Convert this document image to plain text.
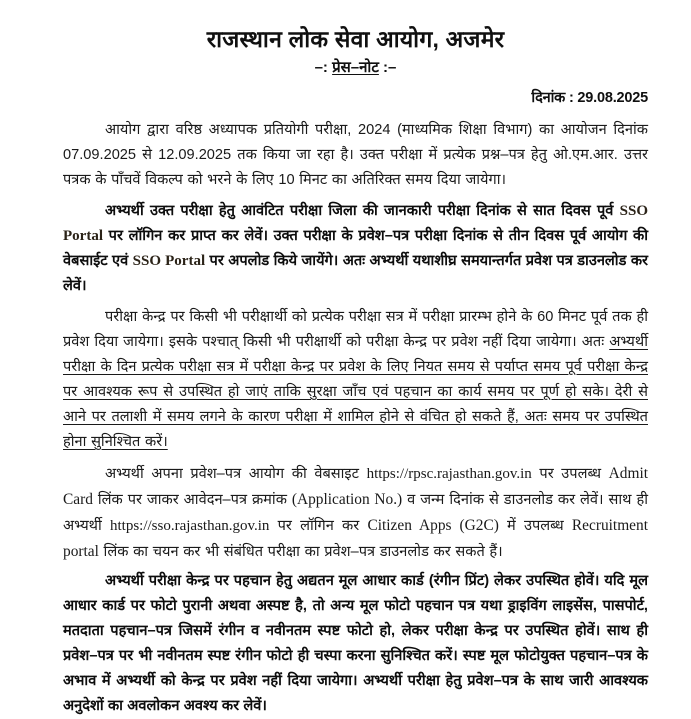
राजस्थान लोक सेवा आयोग, अजमेर
–: प्रेस–नोट :–
दिनांक : 29.08.2025

आयोग द्वारा वरिष्ठ अध्यापक प्रतियोगी परीक्षा, 2024 (माध्यमिक शिक्षा विभाग) का आयोजन दिनांक 07.09.2025 से 12.09.2025 तक किया जा रहा है। उक्त परीक्षा में प्रत्येक प्रश्न–पत्र हेतु ओ.एम.आर. उत्तर पत्रक के पाँचवें विकल्प को भरने के लिए 10 मिनट का अतिरिक्त समय दिया जायेगा।

अभ्यर्थी उक्त परीक्षा हेतु आवंटित परीक्षा जिला की जानकारी परीक्षा दिनांक से सात दिवस पूर्व SSO Portal पर लॉगिन कर प्राप्त कर लेवें। उक्त परीक्षा के प्रवेश–पत्र परीक्षा दिनांक से तीन दिवस पूर्व आयोग की वेबसाईट एवं SSO Portal पर अपलोड किये जायेंगे। अतः अभ्यर्थी यथाशीघ्र समयान्तर्गत प्रवेश पत्र डाउनलोड कर लेवें।

परीक्षा केन्द्र पर किसी भी परीक्षार्थी को प्रत्येक परीक्षा सत्र में परीक्षा प्रारम्भ होने के 60 मिनट पूर्व तक ही प्रवेश दिया जायेगा। इसके पश्चात् किसी भी परीक्षार्थी को परीक्षा केन्द्र पर प्रवेश नहीं दिया जायेगा। अतः अभ्यर्थी परीक्षा के दिन प्रत्येक परीक्षा सत्र में परीक्षा केन्द्र पर प्रवेश के लिए नियत समय से पर्याप्त समय पूर्व परीक्षा केन्द्र पर आवश्यक रूप से उपस्थित हो जाएं ताकि सुरक्षा जाँच एवं पहचान का कार्य समय पर पूर्ण हो सके। देरी से आने पर तलाशी में समय लगने के कारण परीक्षा में शामिल होने से वंचित हो सकते हैं, अतः समय पर उपस्थित होना सुनिश्चित करें।

अभ्यर्थी अपना प्रवेश–पत्र आयोग की वेबसाइट https://rpsc.rajasthan.gov.in पर उपलब्ध Admit Card लिंक पर जाकर आवेदन–पत्र क्रमांक (Application No.) व जन्म दिनांक से डाउनलोड कर लेवें। साथ ही अभ्यर्थी https://sso.rajasthan.gov.in पर लॉगिन कर Citizen Apps (G2C) में उपलब्ध Recruitment portal लिंक का चयन कर भी संबंधित परीक्षा का प्रवेश–पत्र डाउनलोड कर सकते हैं।

अभ्यर्थी परीक्षा केन्द्र पर पहचान हेतु अद्यतन मूल आधार कार्ड (रंगीन प्रिंट) लेकर उपस्थित होवें। यदि मूल आधार कार्ड पर फोटो पुरानी अथवा अस्पष्ट है, तो अन्य मूल फोटो पहचान पत्र यथा ड्राइविंग लाइसेंस, पासपोर्ट, मतदाता पहचान–पत्र जिसमें रंगीन व नवीनतम स्पष्ट फोटो हो, लेकर परीक्षा केन्द्र पर उपस्थित होवें। साथ ही प्रवेश–पत्र पर भी नवीनतम स्पष्ट रंगीन फोटो ही चस्पा करना सुनिश्चित करें। स्पष्ट मूल फोटोयुक्त पहचान–पत्र के अभाव में अभ्यर्थी को केन्द्र पर प्रवेश नहीं दिया जायेगा। अभ्यर्थी परीक्षा हेतु प्रवेश–पत्र के साथ जारी आवश्यक अनुदेशों का अवलोकन अवश्य कर लेवें।
